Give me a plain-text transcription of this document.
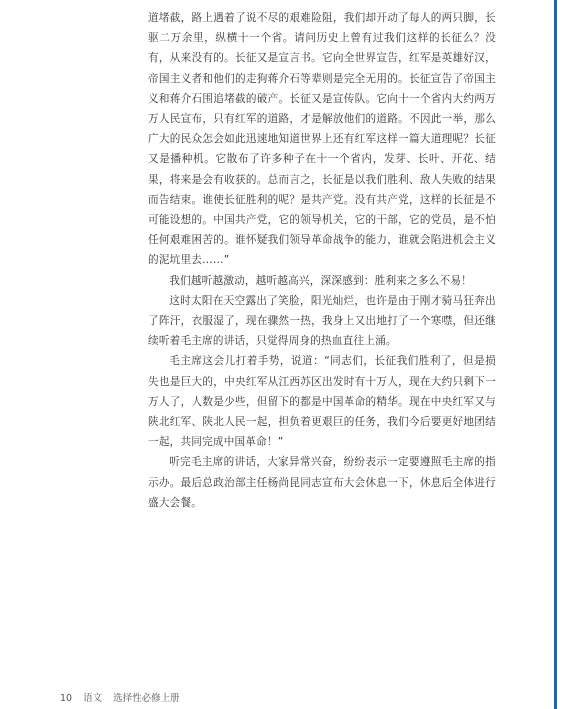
道堵截，路上遇着了说不尽的艰难险阻，我们却开动了每人的两只脚，长驱二万余里，纵横十一个省。请问历史上曾有过我们这样的长征么？没有，从来没有的。长征又是宣言书。它向全世界宣告，红军是英雄好汉，帝国主义者和他们的走狗蒋介石等辈则是完全无用的。长征宣告了帝国主义和蒋介石围追堵截的破产。长征又是宣传队。它向十一个省内大约两万万人民宣布，只有红军的道路，才是解放他们的道路。不因此一举，那么广大的民众怎会如此迅速地知道世界上还有红军这样一篇大道理呢？长征又是播种机。它散布了许多种子在十一个省内，发芽、长叶、开花、结果，将来是会有收获的。总而言之，长征是以我们胜利、敌人失败的结果而告结束。谁使长征胜利的呢？是共产党。没有共产党，这样的长征是不可能设想的。中国共产党，它的领导机关，它的干部，它的党员，是不怕任何艰难困苦的。谁怀疑我们领导革命战争的能力，谁就会陷进机会主义的泥坑里去……”

我们越听越激动，越听越高兴，深深感到：胜利来之多么不易！

这时太阳在天空露出了笑脸，阳光灿烂，也许是由于刚才骑马狂奔出了阵汗，衣服湿了，现在骤然一热，我身上又出地打了一个寒噤，但还继续听着毛主席的讲话，只觉得周身的热血直往上涌。

毛主席这会儿打着手势，说道：“同志们，长征我们胜利了，但是损失也是巨大的，中央红军从江西苏区出发时有十万人，现在大约只剩下一万人了，人数是少些，但留下的都是中国革命的精华。现在中央红军又与陕北红军、陕北人民一起，担负着更艰巨的任务，我们今后要更好地团结一起，共同完成中国革命！”

听完毛主席的讲话，大家异常兴奋，纷纷表示一定要遵照毛主席的指示办。最后总政治部主任杨尚昆同志宣布大会休息一下，休息后全体进行盛大会餐。

10 语文 选择性必修上册
